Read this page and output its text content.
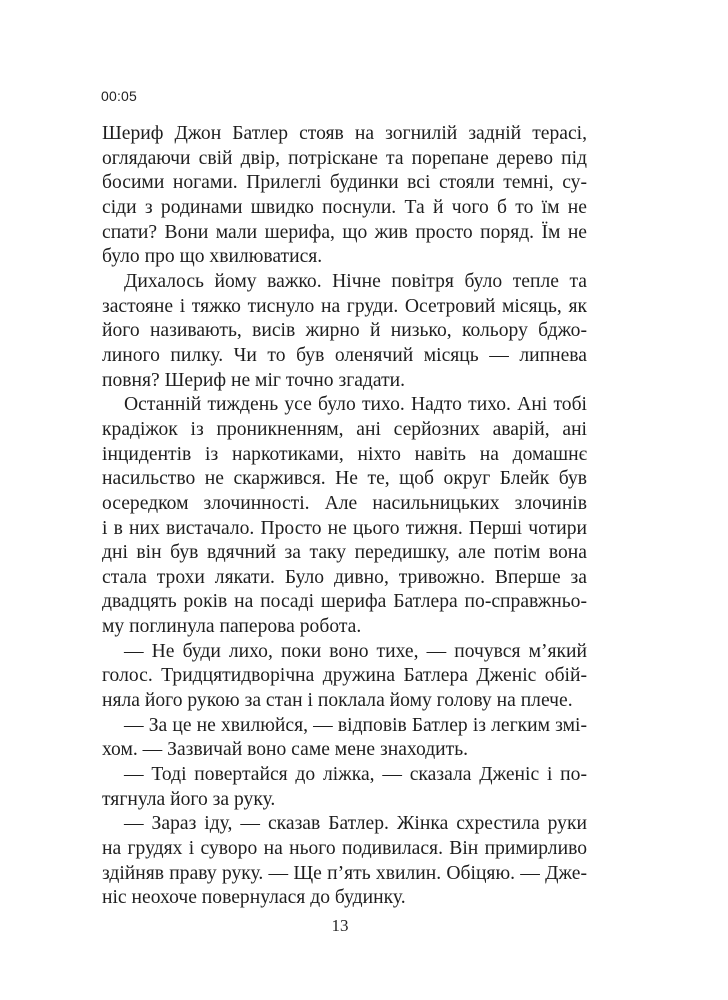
00:05

Шериф Джон Батлер стояв на зогнилій задній терасі,
оглядаючи свій двір, потріскане та порепане дерево під
босими ногами. Прилеглі будинки всі стояли темні, су-
сіди з родинами швидко поснули. Та й чого б то їм не
спати? Вони мали шерифа, що жив просто поряд. Їм не
було про що хвилюватися.

Дихалось йому важко. Нічне повітря було тепле та
застояне і тяжко тиснуло на груди. Осетровий місяць, як
його називають, висів жирно й низько, кольору бджо-
линого пилку. Чи то був оленячий місяць — липнева
повня? Шериф не міг точно згадати.

Останній тиждень усе було тихо. Надто тихо. Ані тобі
крадіжок із проникненням, ані серйозних аварій, ані
інцидентів із наркотиками, ніхто навіть на домашнє
насильство не скаржився. Не те, щоб округ Блейк був
осередком злочинності. Але насильницьких злочинів
і в них вистачало. Просто не цього тижня. Перші чотири
дні він був вдячний за таку передишку, але потім вона
стала трохи лякати. Було дивно, тривожно. Вперше за
двадцять років на посаді шерифа Батлера по-справжньо-
му поглинула паперова робота.

— Не буди лихо, поки воно тихе, — почувся м’який
голос. Тридцятидворічна дружина Батлера Дженіс обій-
няла його рукою за стан і поклала йому голову на плече.

— За це не хвилюйся, — відповів Батлер із легким змі-
хом. — Зазвичай воно саме мене знаходить.

— Тоді повертайся до ліжка, — сказала Дженіс і по-
тягнула його за руку.

— Зараз іду, — сказав Батлер. Жінка схрестила руки
на грудях і суворо на нього подивилася. Він примирливо
здійняв праву руку. — Ще п’ять хвилин. Обіцяю. — Дже-
ніс неохоче повернулася до будинку.

13
